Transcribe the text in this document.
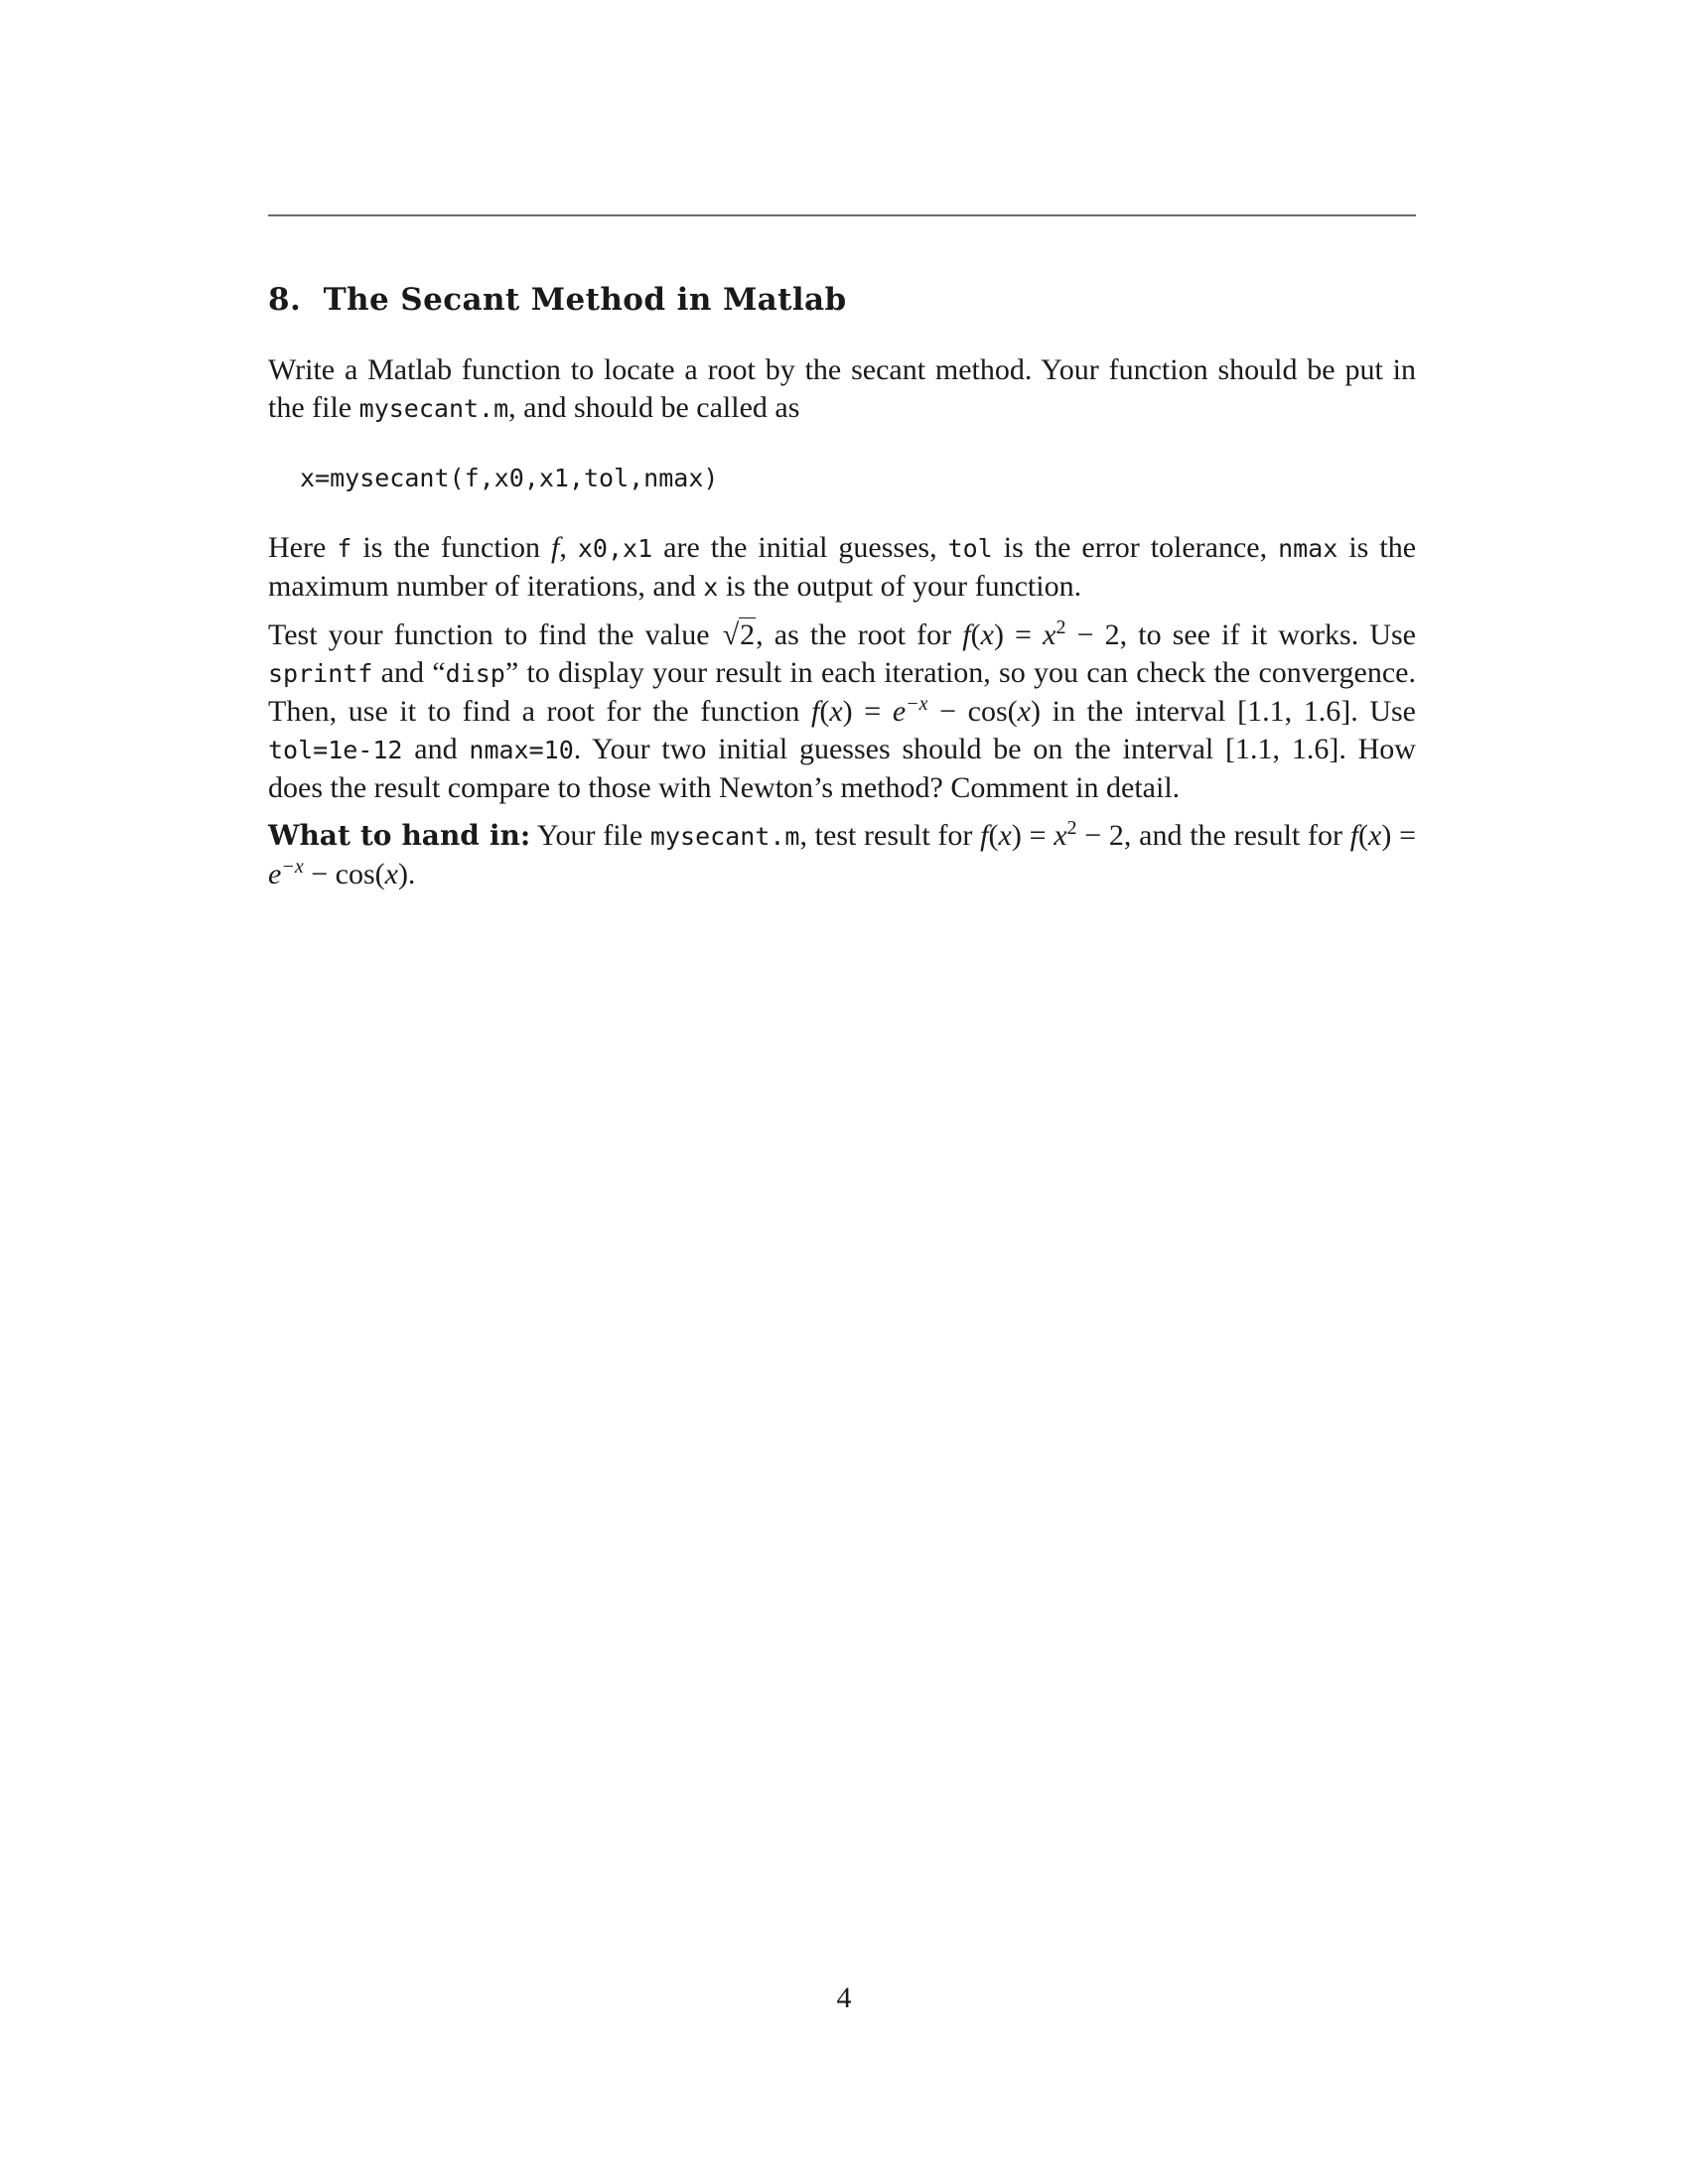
8. The Secant Method in Matlab

Write a Matlab function to locate a root by the secant method. Your function should be put in the file mysecant.m, and should be called as

x=mysecant(f,x0,x1,tol,nmax)

Here f is the function f, x0,x1 are the initial guesses, tol is the error tolerance, nmax is the maximum number of iterations, and x is the output of your function.

Test your function to find the value √2, as the root for $f(x) = x^2 - 2$, to see if it works. Use sprintf and “disp” to display your result in each iteration, so you can check the convergence. Then, use it to find a root for the function $f(x) = e^{-x} - \cos(x)$ in the interval [1.1, 1.6]. Use tol=1e-12 and nmax=10. Your two initial guesses should be on the interval [1.1, 1.6]. How does the result compare to those with Newton’s method? Comment in detail.

What to hand in: Your file mysecant.m, test result for $f(x) = x^2 - 2$, and the result for $f(x) = e^{-x} - \cos(x)$.

4
